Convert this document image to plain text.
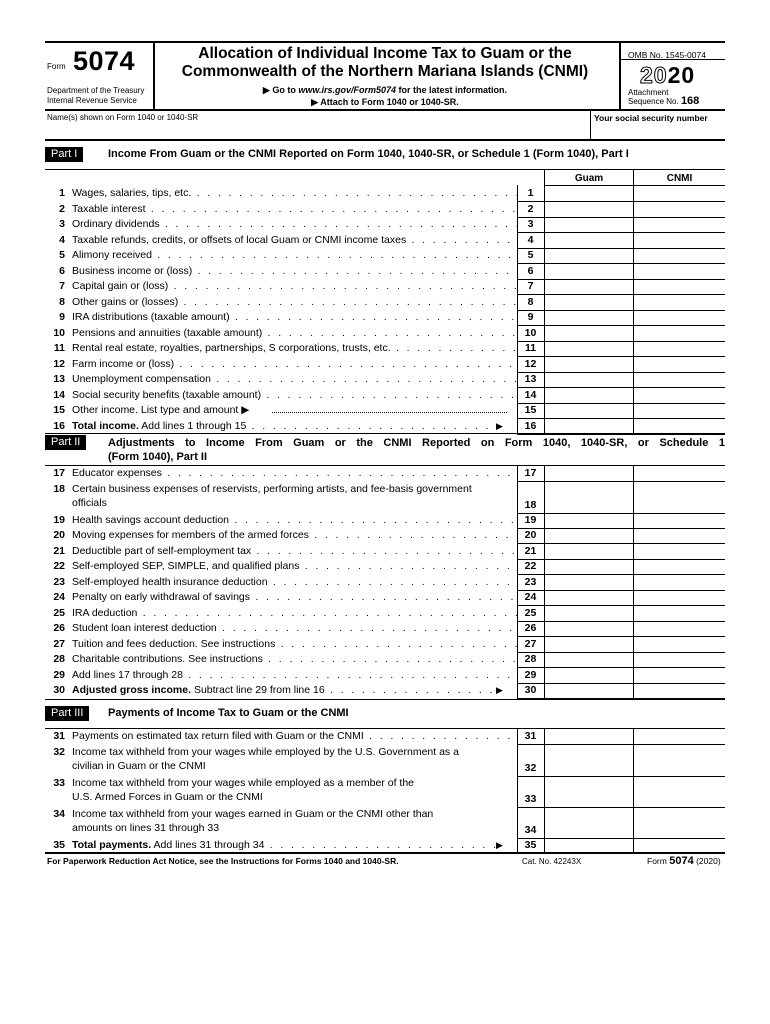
Form 5074
Department of the Treasury
Internal Revenue Service
Allocation of Individual Income Tax to Guam or the
Commonwealth of the Northern Mariana Islands (CNMI)
▶ Go to www.irs.gov/Form5074 for the latest information.
▶ Attach to Form 1040 or 1040-SR.
OMB No. 1545-0074
2020
Attachment
Sequence No. 168
Name(s) shown on Form 1040 or 1040-SR	Your social security number
Part I	Income From Guam or the CNMI Reported on Form 1040, 1040-SR, or Schedule 1 (Form 1040), Part I
Guam	CNMI
1 Wages, salaries, tips, etc. . . .	1
2 Taxable interest . . .	2
3 Ordinary dividends . . .	3
4 Taxable refunds, credits, or offsets of local Guam or CNMI income taxes . . .	4
5 Alimony received . . .	5
6 Business income or (loss) . . .	6
7 Capital gain or (loss) . . .	7
8 Other gains or (losses) . . .	8
9 IRA distributions (taxable amount) . . .	9
10 Pensions and annuities (taxable amount) . . .	10
11 Rental real estate, royalties, partnerships, S corporations, trusts, etc. . . .	11
12 Farm income or (loss) . . .	12
13 Unemployment compensation . . .	13
14 Social security benefits (taxable amount) . . .	14
15 Other income. List type and amount ▶	15
16 Total income. Add lines 1 through 15 . . .	▶	16
Part II	Adjustments to Income From Guam or the CNMI Reported on Form 1040, 1040-SR, or Schedule 1
(Form 1040), Part II
17 Educator expenses . . .	17
18 Certain business expenses of reservists, performing artists, and fee-basis government
officials	18
19 Health savings account deduction . . .	19
20 Moving expenses for members of the armed forces . . .	20
21 Deductible part of self-employment tax . . .	21
22 Self-employed SEP, SIMPLE, and qualified plans . . .	22
23 Self-employed health insurance deduction . . .	23
24 Penalty on early withdrawal of savings . . .	24
25 IRA deduction . . .	25
26 Student loan interest deduction . . .	26
27 Tuition and fees deduction. See instructions . . .	27
28 Charitable contributions. See instructions . . .	28
29 Add lines 17 through 28 . . .	29
30 Adjusted gross income. Subtract line 29 from line 16 . . .	▶	30
Part III	Payments of Income Tax to Guam or the CNMI
31 Payments on estimated tax return filed with Guam or the CNMI . . .	31
32 Income tax withheld from your wages while employed by the U.S. Government as a
civilian in Guam or the CNMI	32
33 Income tax withheld from your wages while employed as a member of the
U.S. Armed Forces in Guam or the CNMI	33
34 Income tax withheld from your wages earned in Guam or the CNMI other than
amounts on lines 31 through 33	34
35 Total payments. Add lines 31 through 34 . . .	▶	35
For Paperwork Reduction Act Notice, see the Instructions for Forms 1040 and 1040-SR.	Cat. No. 42243X	Form 5074 (2020)
